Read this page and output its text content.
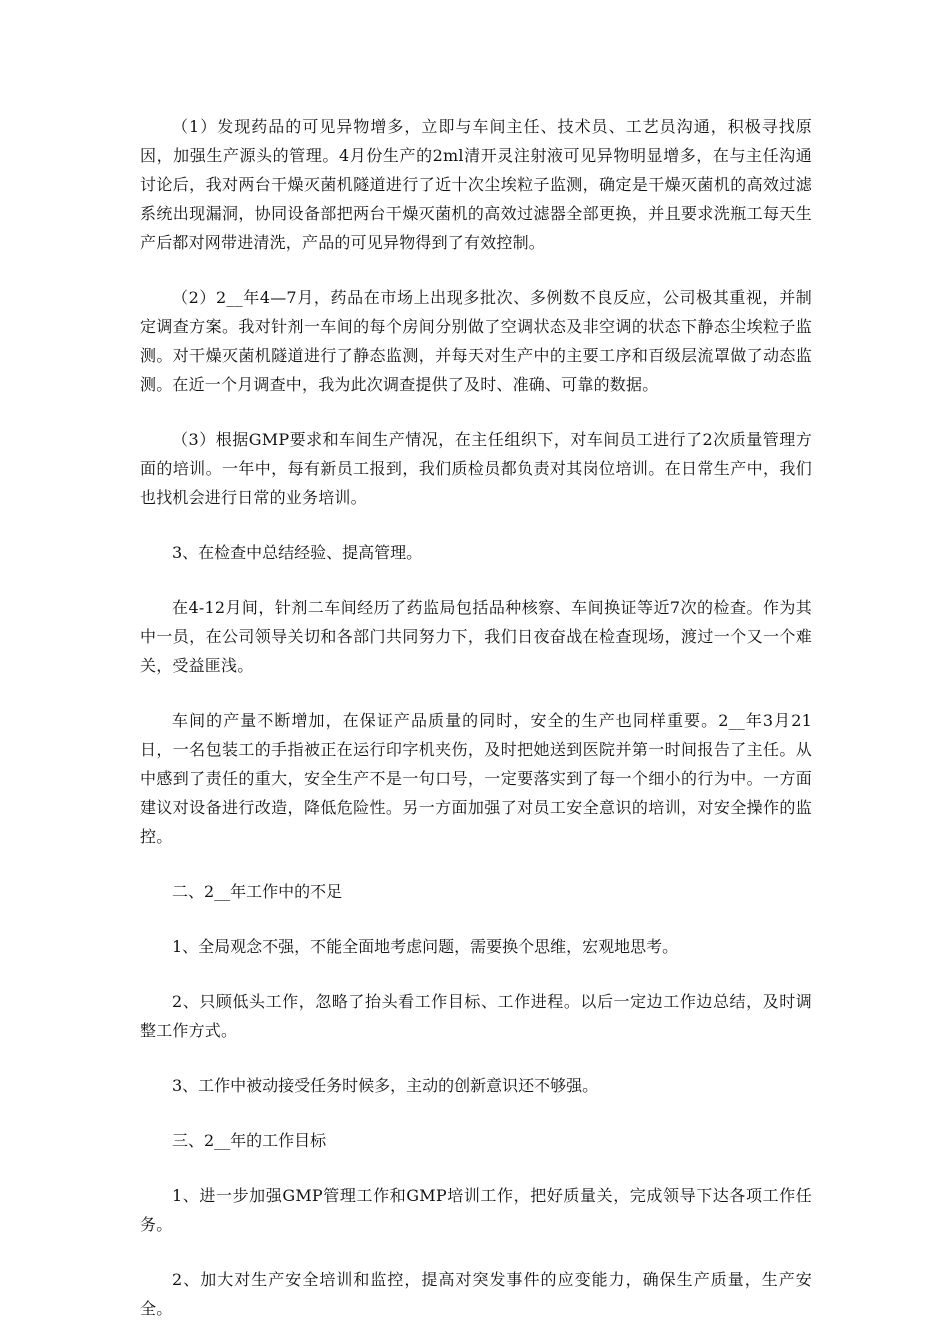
（1）发现药品的可见异物增多，立即与车间主任、技术员、工艺员沟通，积极寻找原因，加强生产源头的管理。4月份生产的2ml清开灵注射液可见异物明显增多，在与主任沟通讨论后，我对两台干燥灭菌机隧道进行了近十次尘埃粒子监测，确定是干燥灭菌机的高效过滤系统出现漏洞，协同设备部把两台干燥灭菌机的高效过滤器全部更换，并且要求洗瓶工每天生产后都对网带进清洗，产品的可见异物得到了有效控制。

（2）2__年4—7月，药品在市场上出现多批次、多例数不良反应，公司极其重视，并制定调查方案。我对针剂一车间的每个房间分别做了空调状态及非空调的状态下静态尘埃粒子监测。对干燥灭菌机隧道进行了静态监测，并每天对生产中的主要工序和百级层流罩做了动态监测。在近一个月调查中，我为此次调查提供了及时、准确、可靠的数据。

（3）根据GMP要求和车间生产情况，在主任组织下，对车间员工进行了2次质量管理方面的培训。一年中，每有新员工报到，我们质检员都负责对其岗位培训。在日常生产中，我们也找机会进行日常的业务培训。

3、在检查中总结经验、提高管理。

在4-12月间，针剂二车间经历了药监局包括品种核察、车间换证等近7次的检查。作为其中一员，在公司领导关切和各部门共同努力下，我们日夜奋战在检查现场，渡过一个又一个难关，受益匪浅。

车间的产量不断增加，在保证产品质量的同时，安全的生产也同样重要。2__年3月21日，一名包装工的手指被正在运行印字机夹伤，及时把她送到医院并第一时间报告了主任。从中感到了责任的重大，安全生产不是一句口号，一定要落实到了每一个细小的行为中。一方面建议对设备进行改造，降低危险性。另一方面加强了对员工安全意识的培训，对安全操作的监控。

二、2__年工作中的不足

1、全局观念不强，不能全面地考虑问题，需要换个思维，宏观地思考。

2、只顾低头工作，忽略了抬头看工作目标、工作进程。以后一定边工作边总结，及时调整工作方式。

3、工作中被动接受任务时候多，主动的创新意识还不够强。

三、2__年的工作目标

1、进一步加强GMP管理工作和GMP培训工作，把好质量关，完成领导下达各项工作任务。

2、加大对生产安全培训和监控，提高对突发事件的应变能力，确保生产质量，生产安全。
